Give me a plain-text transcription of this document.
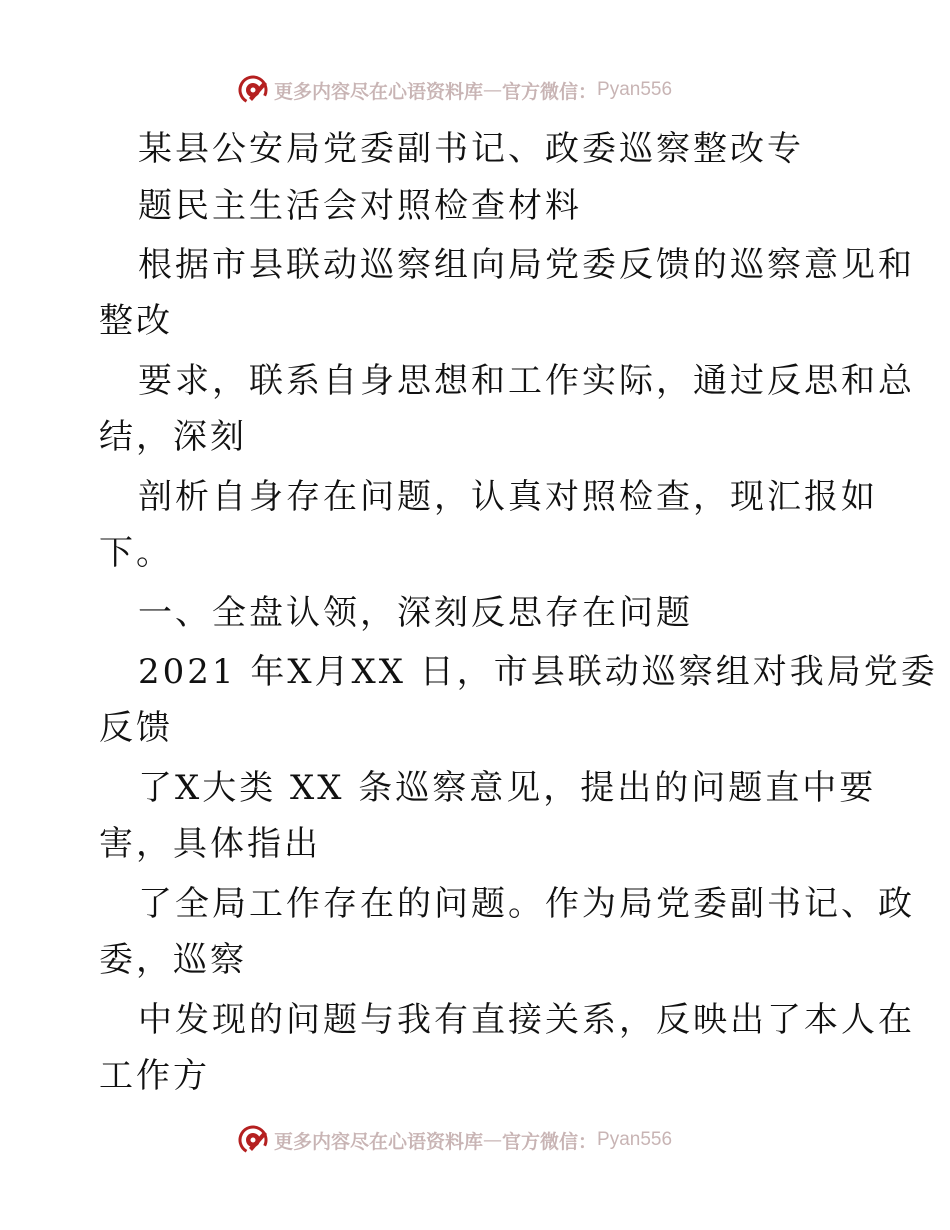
更多内容尽在心语资料库 — 官方微信： Pyan556
某县公安局党委副书记、政委巡察整改专
题民主生活会对照检查材料
根据市县联动巡察组向局党委反馈的巡察意见和
整改
要求，联系自身思想和工作实际，通过反思和总
结，深刻
剖析自身存在问题，认真对照检查，现汇报如
下。
一、全盘认领，深刻反思存在问题
2021 年X月XX 日，市县联动巡察组对我局党委
反馈
了X大类 XX 条巡察意见，提出的问题直中要
害，具体指出
了全局工作存在的问题。作为局党委副书记、政
委，巡察
中发现的问题与我有直接关系，反映出了本人在
工作方
更多内容尽在心语资料库 — 官方微信： Pyan556
